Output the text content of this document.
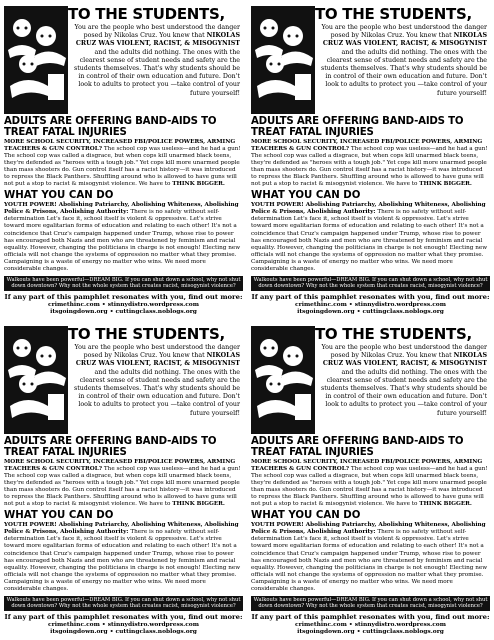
TO THE STUDENTS,

You are the people who best understood the danger posed by Nikolas Cruz. You knew that NIKOLAS CRUZ WAS VIOLENT, RACIST, & MISOGYNIST and the adults did nothing. The ones with the clearest sense of student needs and safety are the students themselves. That's why students should be in control of their own education and future. Don't look to adults to protect you —take control of your future yourself!

ADULTS ARE OFFERING BAND-AIDS TO TREAT FATAL INJURIES

MORE SCHOOL SECURITY, INCREASED FBI/POLICE POWERS, ARMING TEACHERS & GUN CONTROL? The school cop was useless—and he had a gun! The school cop was called a disgrace, but when cops kill unarmed black teens, they're defended as "heroes with a tough job." Yet cops kill more unarmed people than mass shooters do. Gun control itself has a racist history—it was introduced to repress the Black Panthers. Shuffling around who is allowed to have guns will not put a stop to racist & misogynist violence. We have to THINK BIGGER.

WHAT YOU CAN DO

YOUTH POWER! Abolishing Patriarchy, Abolishing Whiteness, Abolishing Police & Prisons, Abolishing Authority: There is no safety without self-determination Let's face it, school itself is violent & oppressive. Let's strive toward more egalitarian forms of education and relating to each other! It's not a coincidence that Cruz's campaign happened under Trump, whose rise to power has encouraged both Nazis and men who are threatened by feminism and racial equality. However, changing the politicians in charge is not enough! Electing new officials will not change the systems of oppression no matter what they promise. Campaigning is a waste of energy no matter who wins. We need more considerable changes.

Walkouts have been powerful—DREAM BIG. If you can shut down a school, why not shut down downtown? Why not the whole system that creates racist, misogynist violence?

If any part of this pamphlet resonates with you, find out more:

crimethinc.com • stinnydistro.wordpress.com

itsgoingdown.org • cuttingclass.noblogs.org

TO THE STUDENTS,

You are the people who best understood the danger posed by Nikolas Cruz. You knew that NIKOLAS CRUZ WAS VIOLENT, RACIST, & MISOGYNIST and the adults did nothing. The ones with the clearest sense of student needs and safety are the students themselves. That's why students should be in control of their own education and future. Don't look to adults to protect you —take control of your future yourself!

ADULTS ARE OFFERING BAND-AIDS TO TREAT FATAL INJURIES

MORE SCHOOL SECURITY, INCREASED FBI/POLICE POWERS, ARMING TEACHERS & GUN CONTROL? The school cop was useless—and he had a gun! The school cop was called a disgrace, but when cops kill unarmed black teens, they're defended as "heroes with a tough job." Yet cops kill more unarmed people than mass shooters do. Gun control itself has a racist history—it was introduced to repress the Black Panthers. Shuffling around who is allowed to have guns will not put a stop to racist & misogynist violence. We have to THINK BIGGER.

WHAT YOU CAN DO

YOUTH POWER! Abolishing Patriarchy, Abolishing Whiteness, Abolishing Police & Prisons, Abolishing Authority: There is no safety without self-determination Let's face it, school itself is violent & oppressive. Let's strive toward more egalitarian forms of education and relating to each other! It's not a coincidence that Cruz's campaign happened under Trump, whose rise to power has encouraged both Nazis and men who are threatened by feminism and racial equality. However, changing the politicians in charge is not enough! Electing new officials will not change the systems of oppression no matter what they promise. Campaigning is a waste of energy no matter who wins. We need more considerable changes.

Walkouts have been powerful—DREAM BIG. If you can shut down a school, why not shut down downtown? Why not the whole system that creates racist, misogynist violence?

If any part of this pamphlet resonates with you, find out more:

crimethinc.com • stinnydistro.wordpress.com

itsgoingdown.org • cuttingclass.noblogs.org

TO THE STUDENTS,

You are the people who best understood the danger posed by Nikolas Cruz. You knew that NIKOLAS CRUZ WAS VIOLENT, RACIST, & MISOGYNIST and the adults did nothing. The ones with the clearest sense of student needs and safety are the students themselves. That's why students should be in control of their own education and future. Don't look to adults to protect you —take control of your future yourself!

ADULTS ARE OFFERING BAND-AIDS TO TREAT FATAL INJURIES

MORE SCHOOL SECURITY, INCREASED FBI/POLICE POWERS, ARMING TEACHERS & GUN CONTROL? The school cop was useless—and he had a gun! The school cop was called a disgrace, but when cops kill unarmed black teens, they're defended as "heroes with a tough job." Yet cops kill more unarmed people than mass shooters do. Gun control itself has a racist history—it was introduced to repress the Black Panthers. Shuffling around who is allowed to have guns will not put a stop to racist & misogynist violence. We have to THINK BIGGER.

WHAT YOU CAN DO

YOUTH POWER! Abolishing Patriarchy, Abolishing Whiteness, Abolishing Police & Prisons, Abolishing Authority: There is no safety without self-determination Let's face it, school itself is violent & oppressive. Let's strive toward more egalitarian forms of education and relating to each other! It's not a coincidence that Cruz's campaign happened under Trump, whose rise to power has encouraged both Nazis and men who are threatened by feminism and racial equality. However, changing the politicians in charge is not enough! Electing new officials will not change the systems of oppression no matter what they promise. Campaigning is a waste of energy no matter who wins. We need more considerable changes.

Walkouts have been powerful—DREAM BIG. If you can shut down a school, why not shut down downtown? Why not the whole system that creates racist, misogynist violence?

If any part of this pamphlet resonates with you, find out more:

crimethinc.com • stinnydistro.wordpress.com

itsgoingdown.org • cuttingclass.noblogs.org

TO THE STUDENTS,

You are the people who best understood the danger posed by Nikolas Cruz. You knew that NIKOLAS CRUZ WAS VIOLENT, RACIST, & MISOGYNIST and the adults did nothing. The ones with the clearest sense of student needs and safety are the students themselves. That's why students should be in control of their own education and future. Don't look to adults to protect you —take control of your future yourself!

ADULTS ARE OFFERING BAND-AIDS TO TREAT FATAL INJURIES

MORE SCHOOL SECURITY, INCREASED FBI/POLICE POWERS, ARMING TEACHERS & GUN CONTROL? The school cop was useless—and he had a gun! The school cop was called a disgrace, but when cops kill unarmed black teens, they're defended as "heroes with a tough job." Yet cops kill more unarmed people than mass shooters do. Gun control itself has a racist history—it was introduced to repress the Black Panthers. Shuffling around who is allowed to have guns will not put a stop to racist & misogynist violence. We have to THINK BIGGER.

WHAT YOU CAN DO

YOUTH POWER! Abolishing Patriarchy, Abolishing Whiteness, Abolishing Police & Prisons, Abolishing Authority: There is no safety without self-determination Let's face it, school itself is violent & oppressive. Let's strive toward more egalitarian forms of education and relating to each other! It's not a coincidence that Cruz's campaign happened under Trump, whose rise to power has encouraged both Nazis and men who are threatened by feminism and racial equality. However, changing the politicians in charge is not enough! Electing new officials will not change the systems of oppression no matter what they promise. Campaigning is a waste of energy no matter who wins. We need more considerable changes.

Walkouts have been powerful—DREAM BIG. If you can shut down a school, why not shut down downtown? Why not the whole system that creates racist, misogynist violence?

If any part of this pamphlet resonates with you, find out more:

crimethinc.com • stinnydistro.wordpress.com

itsgoingdown.org • cuttingclass.noblogs.org
